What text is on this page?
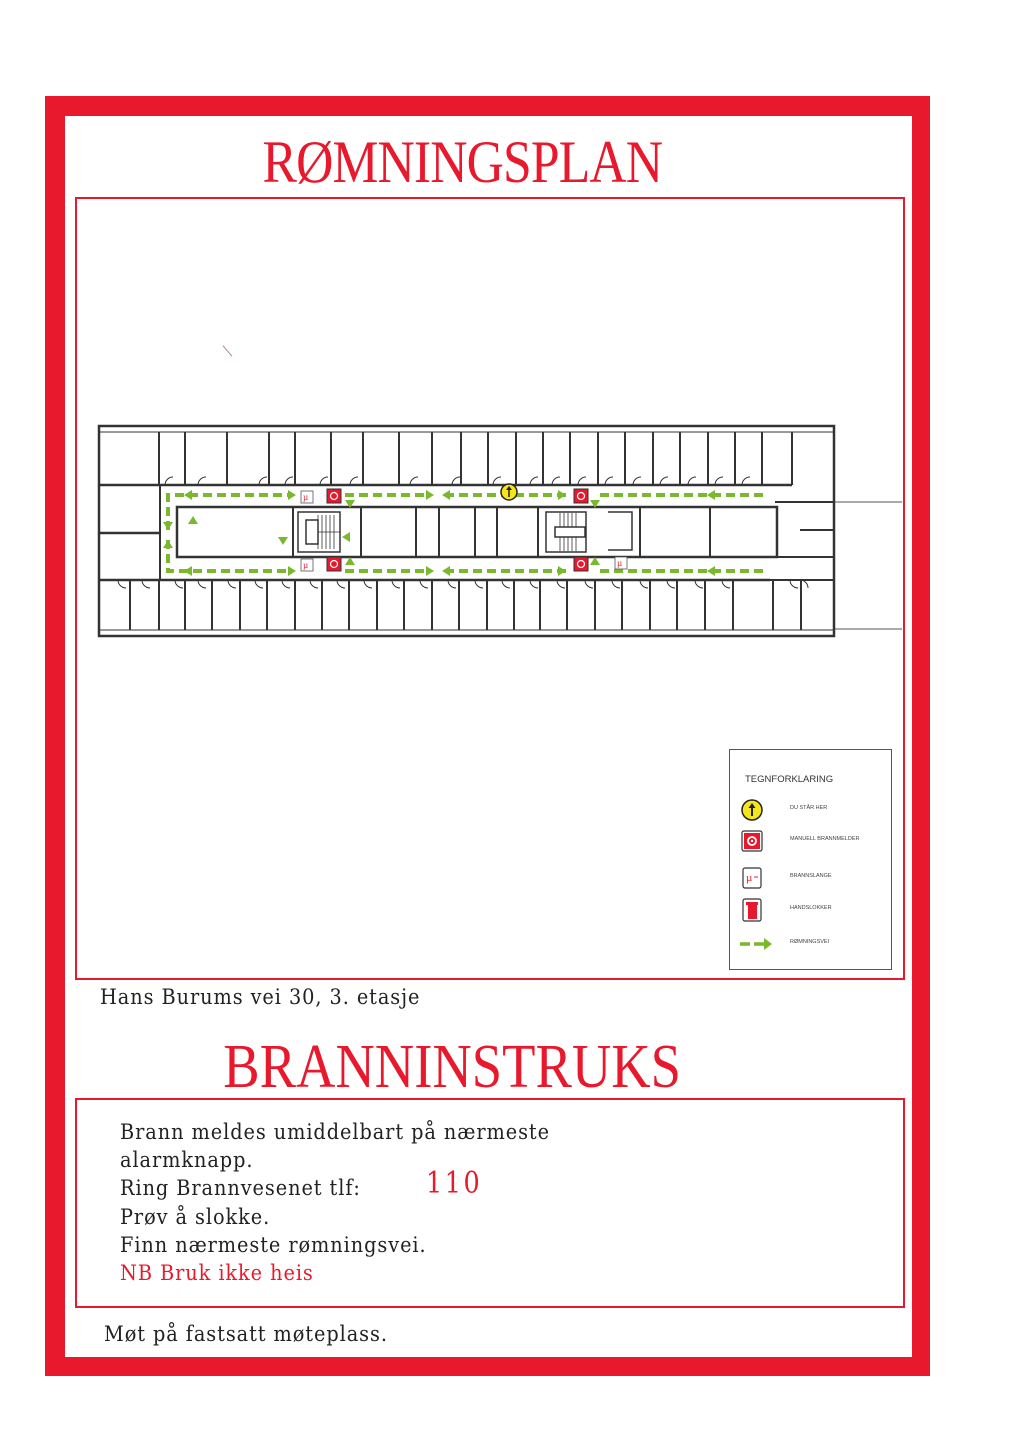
RØMNINGSPLAN
µ
µ	µ
TEGNFORKLARING
DU STÅR HER
MANUELL BRANNMELDER
µ	BRANNSLANGE
HANDSLOKKER
RØMNINGSVEI
Hans Burums vei 30, 3. etasje
BRANNINSTRUKS
Brann meldes umiddelbart på nærmeste
alarmknapp.
Ring Brannvesenet tlf: 110
Prøv å slokke.
Finn nærmeste rømningsvei.
NB Bruk ikke heis
Møt på fastsatt møteplass.
